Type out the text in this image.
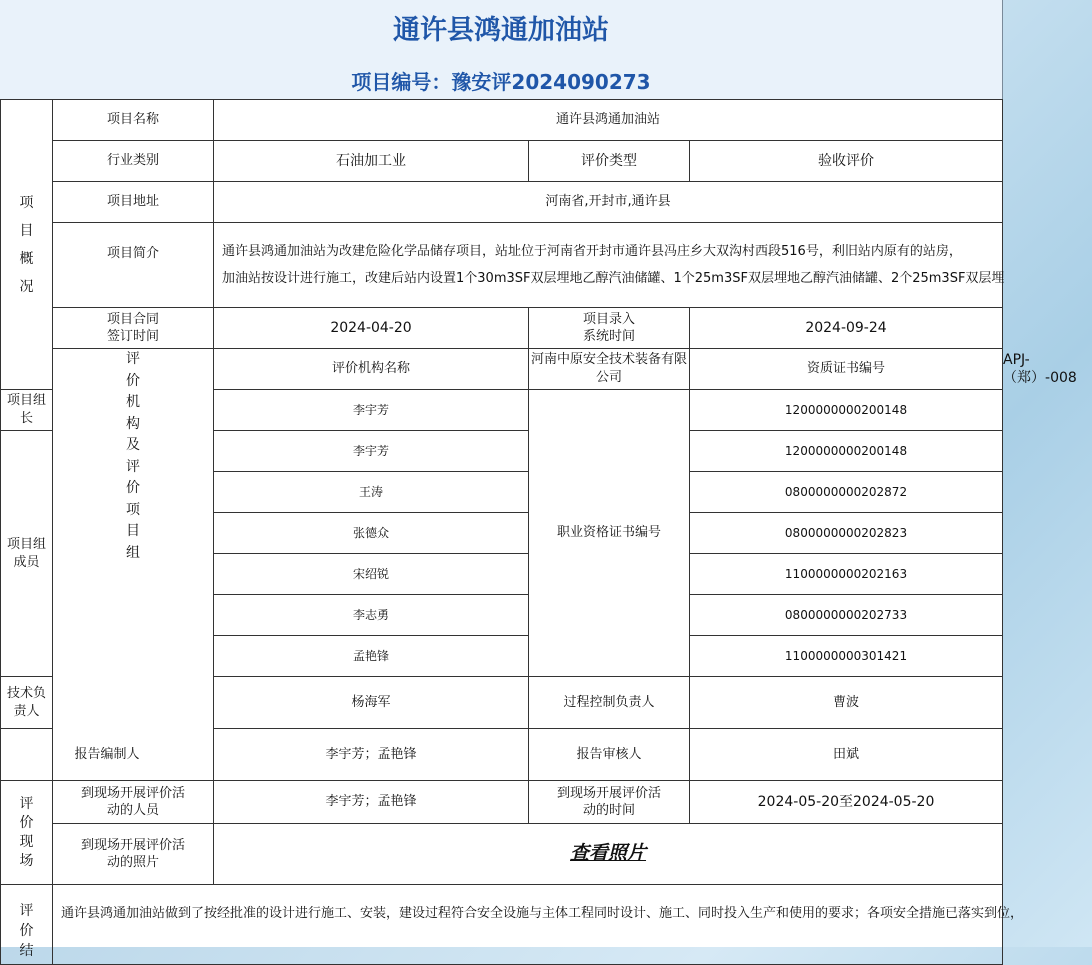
通许县鸿通加油站
项目编号：豫安评2024090273
项目概况	项目名称	通许县鸿通加油站			
	行业类别	石油加工业	评价类型	验收评价	
	项目地址	河南省,开封市,通许县			
	项目简介	通许县鸿通加油站为改建危险化学品储存项目，站址位于河南省开封市通许县冯庄乡大双沟村西段516号，利旧站内原有的站房，
加油站按设计进行施工，改建后站内设置1个30m3SF双层埋地乙醇汽油储罐、1个25m3SF双层埋地乙醇汽油储罐、2个25m3SF双层埋			

	项目合同签订时间	2024-04-20	项目录入系统时间	2024-09-24	

	评价机构及评价项目组	评价机构名称	河南中原安全技术装备有限公司	资质证书编号	APJ-（郑）-008
项目组长		李宇芳	职业资格证书编号	1200000000200148	
项目组成员		李宇芳		1200000000200148	
		王涛		0800000000202872	
		张德众		0800000000202823	
		宋绍锐		1100000000202163	
		李志勇		0800000000202733	
		孟艳锋		1100000000301421	
技术负责人		杨海军	过程控制负责人	曹波	
报告编制人		李宇芳；孟艳锋	报告审核人	田斌	

评价现场	到现场开展评价活动的人员	李宇芳；孟艳锋	到现场开展评价活动的时间	2024-05-20至2024-05-20	

	到现场开展评价活动的照片	查看照片			

评价结	通许县鸿通加油站做到了按经批准的设计进行施工、安装，建设过程符合安全设施与主体工程同时设计、施工、同时投入生产和使用的要求；各项安全措施已落实到位，				
